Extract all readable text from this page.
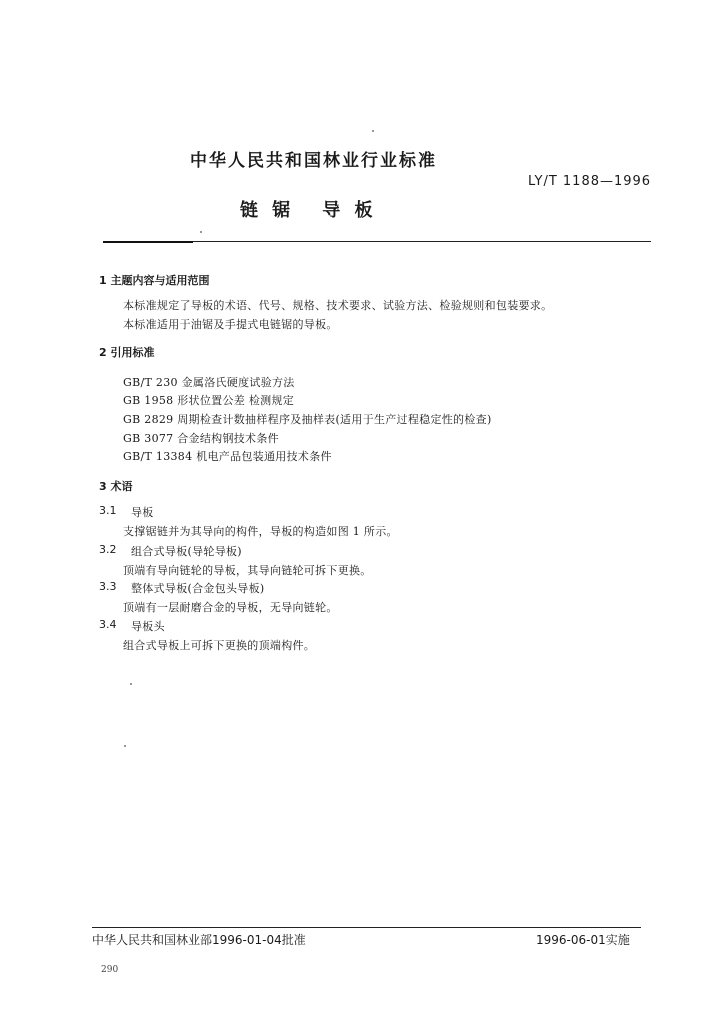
中华人民共和国林业行业标准
LY/T 1188—1996
链 锯 导 板
1 主题内容与适用范围
本标准规定了导板的术语、代号、规格、技术要求、试验方法、检验规则和包装要求。
本标准适用于油锯及手提式电链锯的导板。
2 引用标准
GB/T 230 金属洛氏硬度试验方法
GB 1958 形状位置公差 检测规定
GB 2829 周期检查计数抽样程序及抽样表(适用于生产过程稳定性的检查)
GB 3077 合金结构钢技术条件
GB/T 13384 机电产品包装通用技术条件
3 术语
3.1 导板
支撑锯链并为其导向的构件，导板的构造如图 1 所示。
3.2 组合式导板(导轮导板)
顶端有导向链轮的导板，其导向链轮可拆下更换。
3.3 整体式导板(合金包头导板)
顶端有一层耐磨合金的导板，无导向链轮。
3.4 导板头
组合式导板上可拆下更换的顶端构件。
中华人民共和国林业部1996-01-04批准	1996-06-01实施
290
